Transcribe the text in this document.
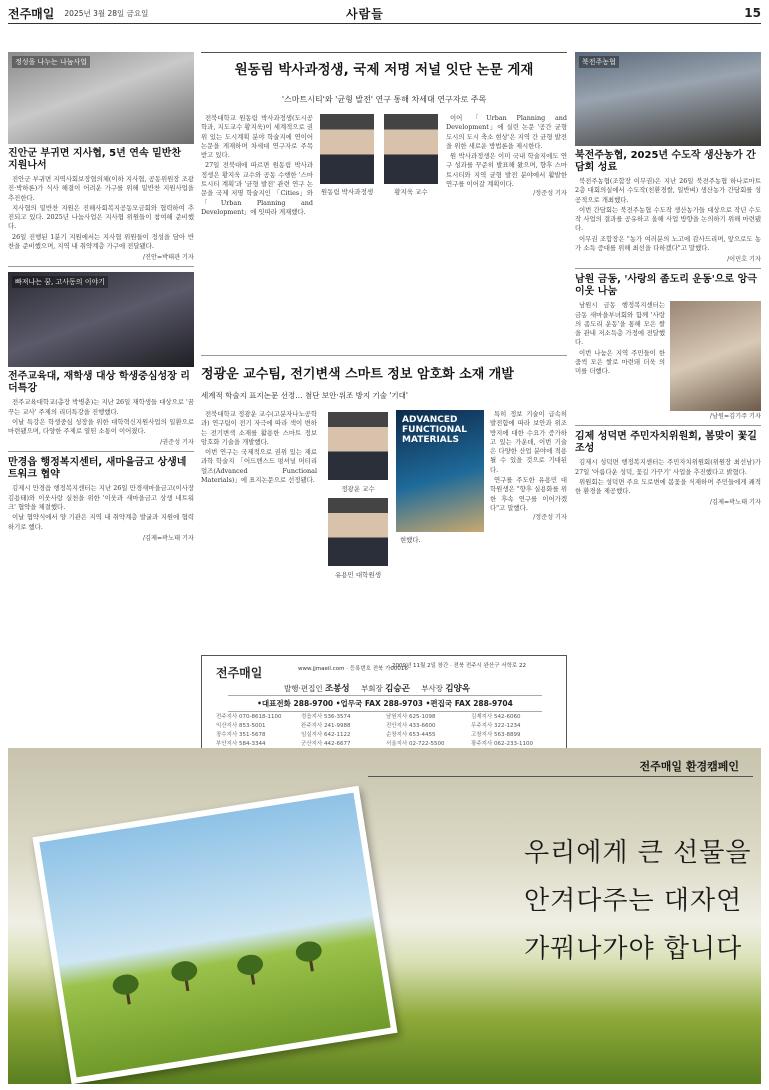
전주매일 2025년 3월 28일 금요일	사람들	15
정성을 나누는 나눔사업
진안군 부귀면 지사협, 5년 연속 밑반찬 지원나서

진안군 부귀면 지역사회보장협의체(이하 지사협, 공동위원장 조광진·박하론)가 식사 해결이 어려운 가구를 위해 밑반찬 지원사업을 추진한다.

지사협의 밑반찬 지원은 진해사회복지공동모금회와 협력하여 추진되고 있다. 2025년 나눔사업은 지사협 위원들이 참여해 준비했다.

26일 진행된 1분기 지원에서는 지사협 위원들이 정성을 담아 반찬을 준비했으며, 지역 내 취약계층 가구에 전달됐다.

/진안=박태관 기자
빠져나는 꿈, 고사동의 이야기
전주교육대, 재학생 대상 학생중심성장 리더특강

전주교육대학교(총장 박병춘)는 지난 26일 재학생들 대상으로 '꿈꾸는 교사' 주제의 리더특강을 진행했다.

이날 특강은 학생중심 성장을 위한 대학혁신지원사업의 일환으로 마련됐으며, 다양한 주제로 열띤 소통이 이어졌다.

/권준성 기자
만경읍 행정복지센터, 새마을금고 상생네트워크 협약

김제시 만경읍 행정복지센터는 지난 26일 만경새마을금고(이사장 김용태)와 이웃사랑 실천을 위한 '이웃과 새마을금고 상생 네트워크' 협약을 체결했다.

이날 협약식에서 양 기관은 지역 내 취약계층 발굴과 지원에 협력하기로 했다.

/김제=곽노태 기자
원동림 박사과정생, 국제 저명 저널 잇단 논문 게재
'스마트시티'와 '균형 발전' 연구 통해 차세대 연구자로 주목

전북대학교 원동림 박사과정생(도시공학과, 지도교수 황지욱)이 세계적으로 권위 있는 도시계획 분야 학술지에 연이어 논문을 게재하며 차세대 연구자로 주목받고 있다.

27일 전북대에 따르면 원동림 박사과정생은 황지욱 교수와 공동 수행한 '스마트시티 계획'과 '균형 발전' 관련 연구 논문을 국제 저명 학술지인 「Cities」와 「Urban Planning and Development」에 잇따라 게재했다.

원동림 박사과정생	황지욱 교수

이어 「Urban Planning and Development」에 실린 논문 '공간 균형 도시의 도시 축소 현상'은 지역 간 균형 발전을 위한 새로운 방법론을 제시한다.

원 박사과정생은 이미 국내 학술지에도 연구 성과를 꾸준히 발표해 왔으며, 향후 스마트시티와 지역 균형 발전 분야에서 활발한 연구를 이어갈 계획이다.

/정준성 기자
정광운 교수팀, 전기변색 스마트 정보 암호화 소재 개발
세계적 학술지 표지논문 선정… 첨단 보안·위조 방지 기술 '기대'

전북대학교 정광운 교수(고분자나노공학과) 연구팀이 전기 자극에 따라 색이 변하는 전기변색 소재를 활용한 스마트 정보 암호화 기술을 개발했다.

이번 연구는 국제적으로 권위 있는 재료과학 학술지 「어드밴스드 펑셔널 머티리얼즈(Advanced Functional Materials)」에 표지논문으로 선정됐다.

정광운 교수
유용민 대학원생
ADVANCED
FUNCTIONAL
MATERIALS

현했다.

특히 정보 기술이 급속히 발전함에 따라 보안과 위조 방지에 대한 수요가 증가하고 있는 가운데, 이번 기술은 다양한 산업 분야에 적용될 수 있을 것으로 기대된다.

연구를 주도한 유용민 대학원생은 "향후 실용화를 위한 후속 연구를 이어가겠다"고 말했다.

/정준성 기자
전주매일	www.jjmaeil.com · 등록번호 전북 가00016
2009년 11월 2일 창간 · 전북 전주시 완산구 서학로 22
발행·편집인 조봉성 부회장 김승곤 부사장 김양옥
•대표전화 288-9700 •업무국 FAX 288-9703 •편집국 FAX 288-9704
전주지사 070-8618-1100	정읍지사 536-3574	남원지사 625-1098	김제지사 542-6060
익산지사 853-5001	완주지사 241-9988	진안지사 433-6600	무주지사 322-1234
장수지사 351-5678	임실지사 642-1122	순창지사 653-4455	고창지사 563-8899
부안지사 584-3344	군산지사 442-6677	서울지사 02-722-5500	광주지사 062-233-1100

북전주농협
북전주농협, 2025년 수도작 생산농가 간담회 성료

북전주농협(조합장 이무권)은 지난 26일 북전주농협 하나로마트 2층 대회의실에서 수도작(친환경쌀, 일반벼) 생산농가 간담회를 성공적으로 개최했다.

이번 간담회는 북전주농협 수도작 생산농가들 대상으로 작년 수도작 사업의 결과를 공유하고 올해 사업 방향을 논의하기 위해 마련됐다.

이무권 조합장은 "농가 여러분의 노고에 감사드리며, 앞으로도 농가 소득 증대를 위해 최선을 다하겠다"고 말했다.

/이민호 기자
남원 금동, '사랑의 좀도리 운동'으로 앙극 이웃 나눔

남원시 금동 행정복지센터는 금동 새마을부녀회와 함께 '사랑의 좀도리 운동'을 통해 모은 쌀을 관내 저소득층 가정에 전달했다.

이번 나눔은 지역 주민들이 한 줌씩 모은 쌀로 마련돼 더욱 의미를 더했다.

/남원=김기주 기자
김제 성덕면 주민자치위원회, 봄맞이 꽃길 조성

김제시 성덕면 행정복지센터는 주민자치위원회(위원장 최선남)가 27일 '아름다운 성덕, 꽃길 가꾸기' 사업을 추진했다고 밝혔다.

위원회는 성덕면 주요 도로변에 봄꽃을 식재하며 주민들에게 쾌적한 환경을 제공했다.

/김제=곽노태 기자
전주매일 환경캠페인
우리에게 큰 선물을
안겨다주는 대자연
가꿔나가야 합니다
